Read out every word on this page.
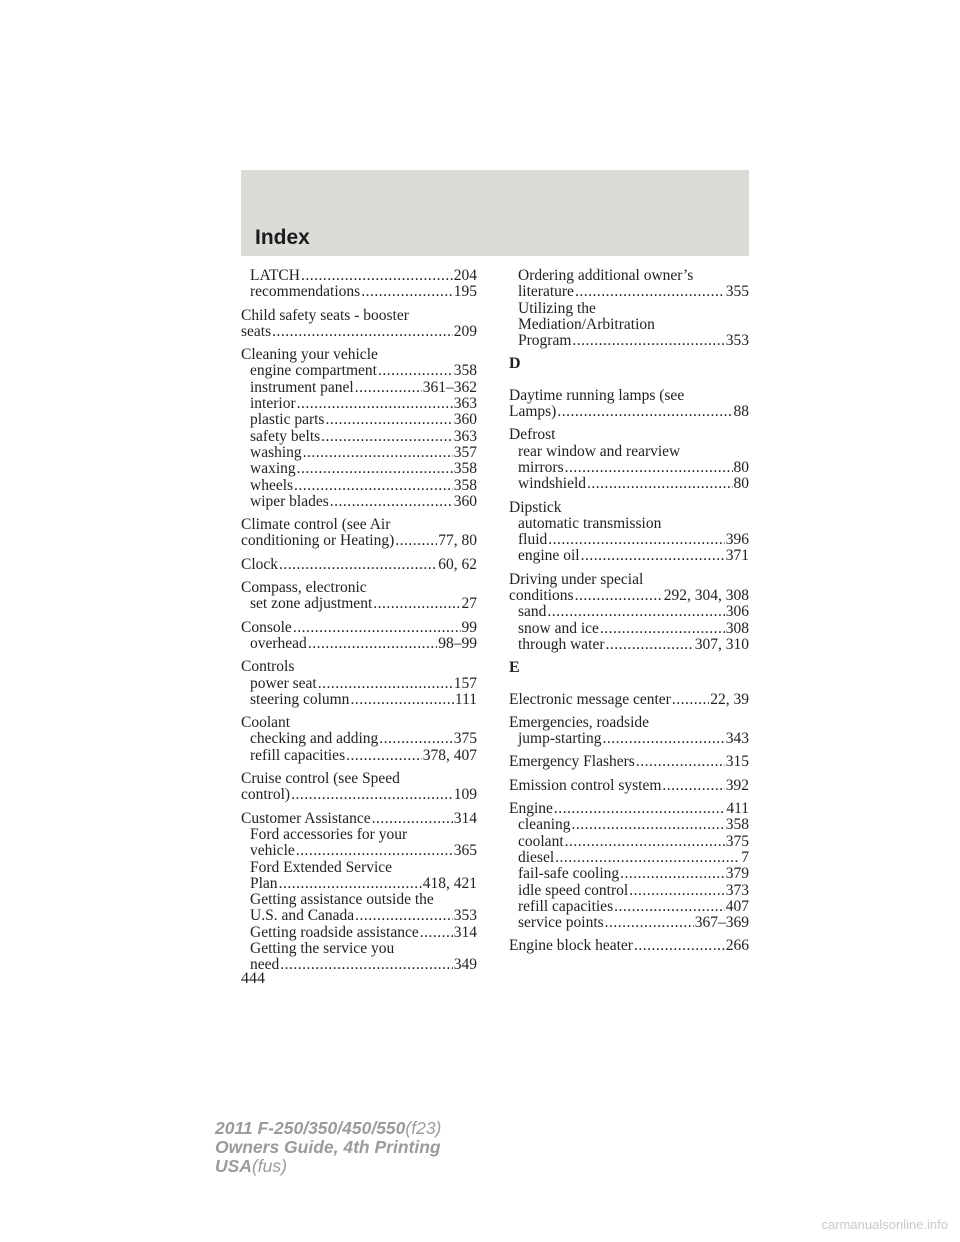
Index
LATCH .....	204
recommendations .....	195
Child safety seats - booster
seats .....	209
Cleaning your vehicle
engine compartment .....	358
instrument panel .....	361–362
interior .....	363
plastic parts .....	360
safety belts .....	363
washing .....	357
waxing .....	358
wheels .....	358
wiper blades .....	360
Climate control (see Air
conditioning or Heating) .....	77, 80
Clock .....	60, 62
Compass, electronic
set zone adjustment .....	27
Console .....	99
overhead .....	98–99
Controls
power seat .....	157
steering column .....	111
Coolant
checking and adding .....	375
refill capacities .....	378, 407
Cruise control (see Speed
control) .....	109
Customer Assistance .....	314
Ford accessories for your
vehicle .....	365
Ford Extended Service
Plan .....	418, 421
Getting assistance outside the
U.S. and Canada .....	353
Getting roadside assistance ..... 314
Getting the service you
need .....	349
Ordering additional owner’s
literature .....	355
Utilizing the
Mediation/Arbitration
Program .....	353
D
Daytime running lamps (see
Lamps) .....	88
Defrost
rear window and rearview
mirrors .....	80
windshield .....	80
Dipstick
automatic transmission
fluid .....	396
engine oil .....	371
Driving under special
conditions .....	292, 304, 308
sand .....	306
snow and ice .....	308
through water .....	307, 310
E
Electronic message center .....	22, 39
Emergencies, roadside
jump-starting .....	343
Emergency Flashers .....	315
Emission control system .....	392
Engine .....	411
cleaning .....	358
coolant .....	375
diesel .....	7
fail-safe cooling .....	379
idle speed control .....	373
refill capacities .....	407
service points .....	367–369
Engine block heater .....	266
444
2011 F-250/350/450/550(f23)
Owners Guide, 4th Printing
USA(fus)
carmanualsonline.info
